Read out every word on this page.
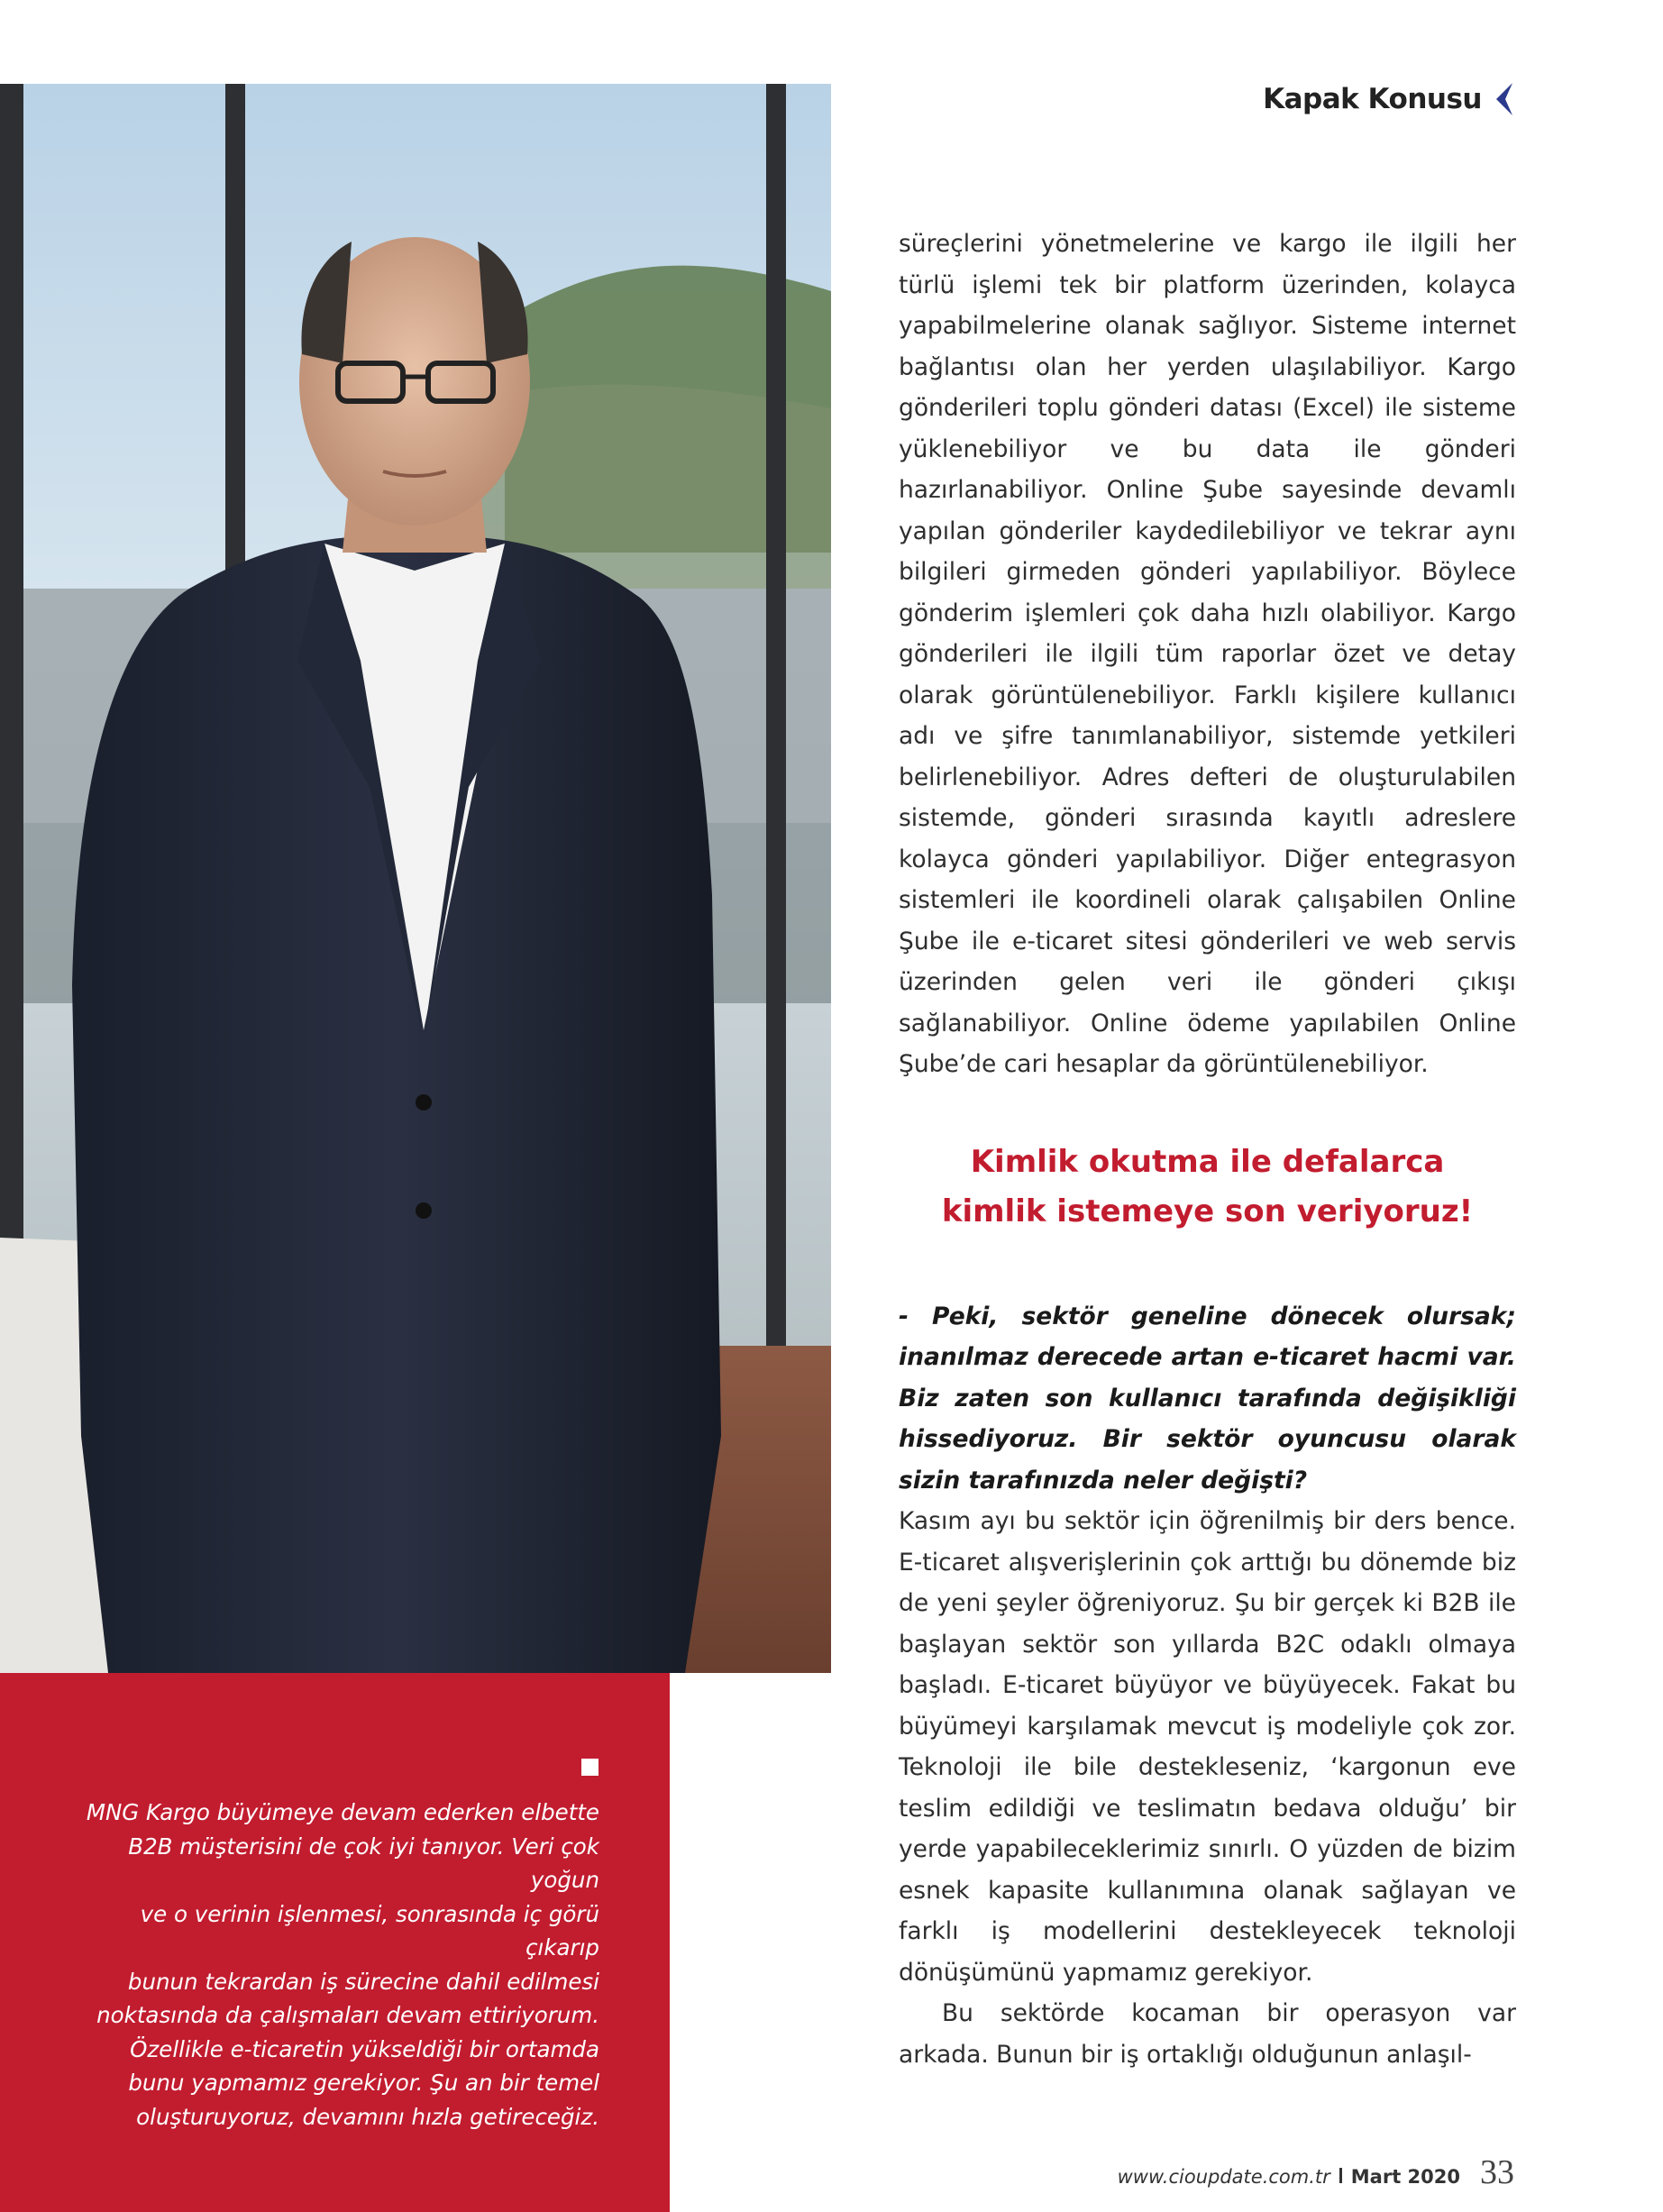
Kapak Konusu
MNG Kargo büyümeye devam ederken elbette
B2B müşterisini de çok iyi tanıyor. Veri çok yoğun
ve o verinin işlenmesi, sonrasında iç görü çıkarıp
bunun tekrardan iş sürecine dahil edilmesi
noktasında da çalışmaları devam ettiriyorum.
Özellikle e-ticaretin yükseldiği bir ortamda
bunu yapmamız gerekiyor. Şu an bir temel
oluşturuyoruz, devamını hızla getireceğiz.

süreçlerini yönetmelerine ve kargo ile ilgili her türlü işlemi tek bir platform üzerinden, kolayca yapabilmelerine olanak sağlıyor. Sisteme internet bağlantısı olan her yerden ulaşılabiliyor. Kargo gönderileri toplu gönderi datası (Excel) ile sisteme yüklenebiliyor ve bu data ile gönderi hazırlanabiliyor. Online Şube sayesinde devamlı yapılan gönderiler kaydedilebiliyor ve tekrar aynı bilgileri girmeden gönderi yapılabiliyor. Böylece gönderim işlemleri çok daha hızlı olabiliyor. Kargo gönderileri ile ilgili tüm raporlar özet ve detay olarak görüntülenebiliyor. Farklı kişilere kullanıcı adı ve şifre tanımlanabiliyor, sistemde yetkileri belirlenebiliyor. Adres defteri de oluşturulabilen sistemde, gönderi sırasında kayıtlı adreslere kolayca gönderi yapılabiliyor. Diğer entegrasyon sistemleri ile koordineli olarak çalışabilen Online Şube ile e-ticaret sitesi gönderileri ve web servis üzerinden gelen veri ile gönderi çıkışı sağlanabiliyor. Online ödeme yapılabilen Online Şube’de cari hesaplar da görüntülenebiliyor.

Kimlik okutma ile defalarca
kimlik istemeye son veriyoruz!

- Peki, sektör geneline dönecek olursak; inanılmaz derecede artan e-ticaret hacmi var. Biz zaten son kullanıcı tarafında değişikliği hissediyoruz. Bir sektör oyuncusu olarak sizin tarafınızda neler değişti?

Kasım ayı bu sektör için öğrenilmiş bir ders bence. E-ticaret alışverişlerinin çok arttığı bu dönemde biz de yeni şeyler öğreniyoruz. Şu bir gerçek ki B2B ile başlayan sektör son yıllarda B2C odaklı olmaya başladı. E-ticaret büyüyor ve büyüyecek. Fakat bu büyümeyi karşılamak mevcut iş modeliyle çok zor. Teknoloji ile bile destekleseniz, ‘kargonun eve teslim edildiği ve teslimatın bedava olduğu’ bir yerde yapabileceklerimiz sınırlı. O yüzden de bizim esnek kapasite kullanımına olanak sağlayan ve farklı iş modellerini destekleyecek teknoloji dönüşümünü yapmamız gerekiyor.

Bu sektörde kocaman bir operasyon var arkada. Bunun bir iş ortaklığı olduğunun anlaşıl-

www.cioupdate.com.tr Mart 2020 33
